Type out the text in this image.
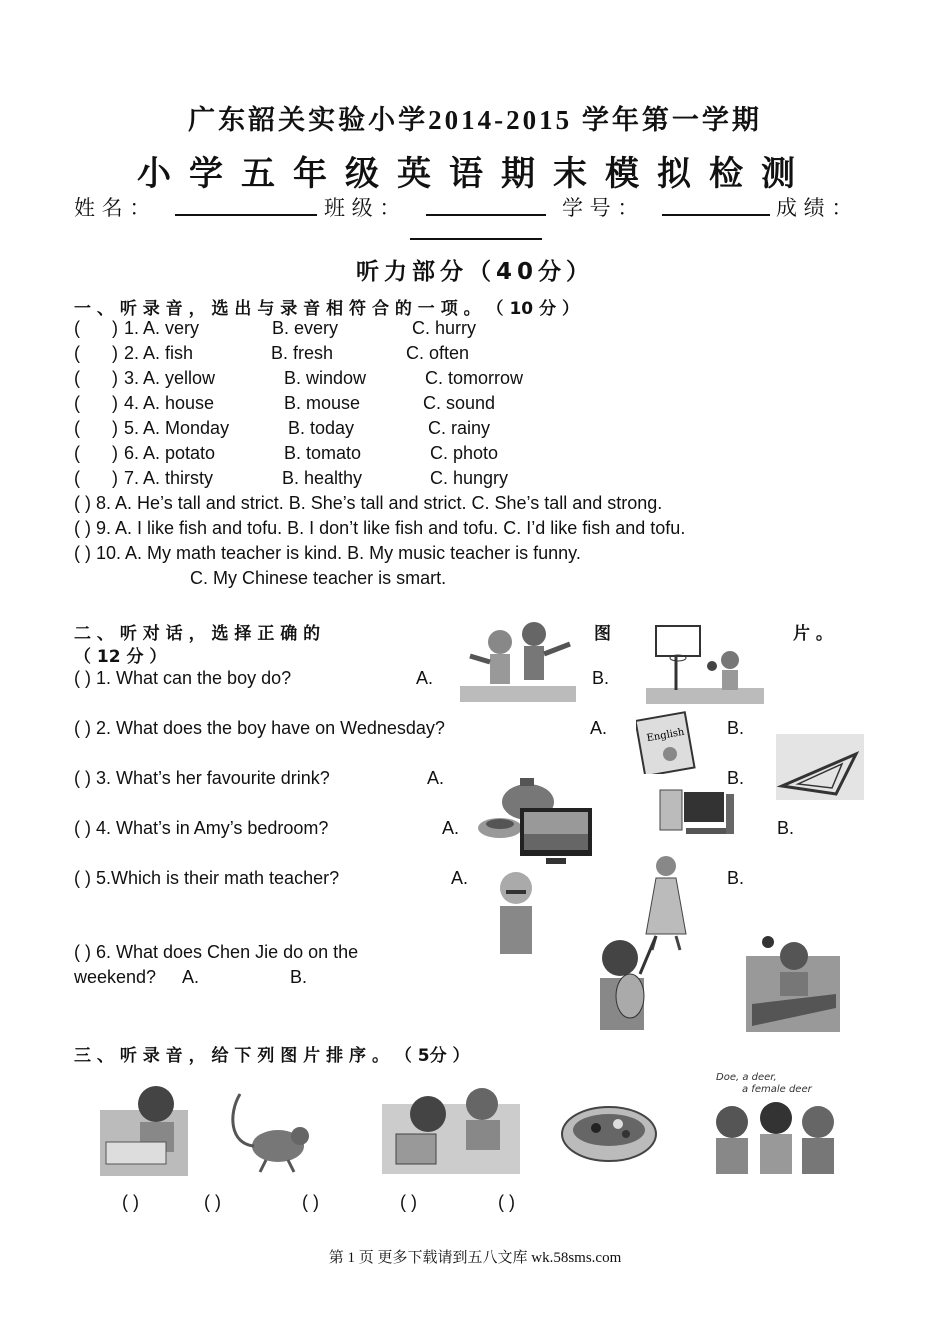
广东韶关实验小学2014-2015 学年第一学期
小学五年级英语期末模拟检测
姓 名 ：	班 级 ：	学 号 ：	成 绩 ：
听力部分（40分）
一 、 听 录 音 ， 选 出 与 录 音 相 符 合 的 一 项 。 （ 10 分 ）
( ) 1. A. very	B. every	C. hurry
( ) 2. A. fish	B. fresh	C. often
( ) 3. A. yellow	B. window	C. tomorrow
( ) 4. A. house	B. mouse	C. sound
( ) 5. A. Monday	B. today	C. rainy
( ) 6. A. potato	B. tomato	C. photo
( ) 7. A. thirsty	B. healthy	C. hungry
( ) 8. A. He’s tall and strict. B. She’s tall and strict. C. She’s tall and strong.
( ) 9. A. I like fish and tofu. B. I don’t like fish and tofu. C. I’d like fish and tofu.
( ) 10. A. My math teacher is kind. B. My music teacher is funny.
C. My Chinese teacher is smart.
二 、 听 对 话 ， 选 择 正 确 的	图	片 。
（ 12 分 ）
( ) 1. What can the boy do?	A.	B.
( ) 2. What does the boy have on Wednesday?	A.	B.
( ) 3. What’s her favourite drink?	A.	B.
( ) 4. What’s in Amy’s bedroom?	A.	B.
( ) 5.Which is their math teacher?	A.	B.
( ) 6. What does Chen Jie do on the
weekend? A.	B.
English
三 、 听 录 音 ， 给 下 列 图 片 排 序 。 （ 5分 ）
Doe, a deer,
a female deer
( )	( )	( )	( )	( )
第 1 页 更多下载请到五八文库 wk.58sms.com
